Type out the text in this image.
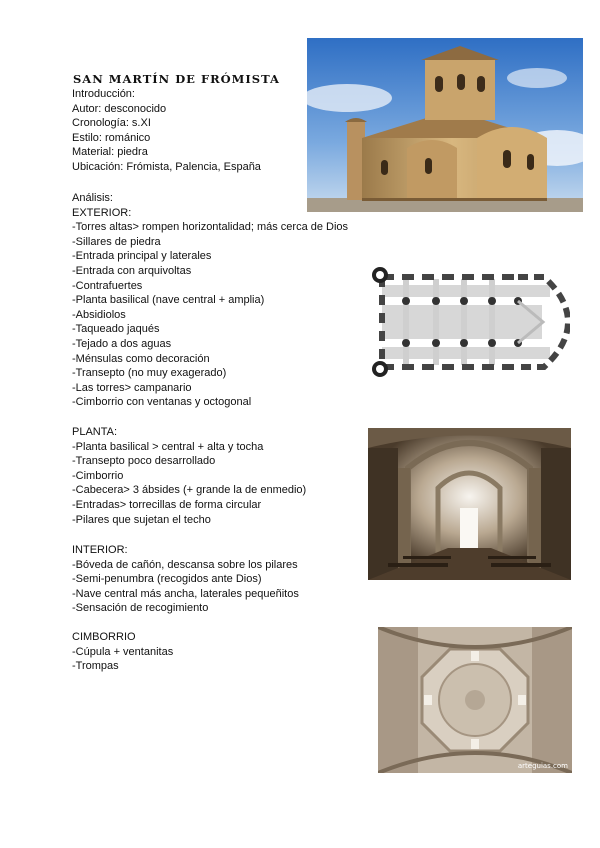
SAN MARTÍN DE FRÓMISTA
Introducción:
Autor: desconocido
Cronología: s.XI
Estilo: románico
Material: piedra
Ubicación: Frómista, Palencia, España
Análisis:
EXTERIOR:
-Torres altas> rompen horizontalidad; más cerca de Dios
-Sillares de piedra
-Entrada principal y laterales
-Entrada con arquivoltas
-Contrafuertes
-Planta basilical (nave central + amplia)
-Absidiolos
-Taqueado jaqués
-Tejado a dos aguas
-Ménsulas como decoración
-Transepto (no muy exagerado)
-Las torres> campanario
-Cimborrio con ventanas y octogonal
PLANTA:
-Planta basilical > central + alta y tocha
-Transepto poco desarrollado
-Cimborrio
-Cabecera> 3 ábsides (+ grande la de enmedio)
-Entradas> torrecillas de forma circular
-Pilares que sujetan el techo
INTERIOR:
-Bóveda de cañón, descansa sobre los pilares
-Semi-penumbra (recogidos ante Dios)
-Nave central más ancha, laterales pequeñitos
-Sensación de recogimiento
CIMBORRIO
-Cúpula + ventanitas
-Trompas
arteguias.com
